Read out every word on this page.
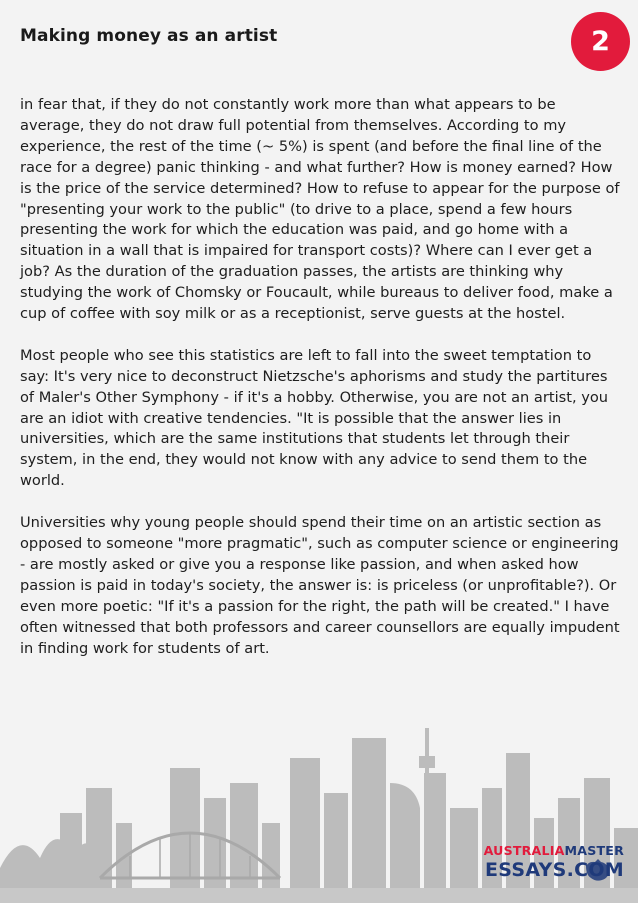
Making money as an artist	2

in fear that, if they do not constantly work more than what appears to be average, they do not draw full potential from themselves. According to my experience, the rest of the time (~ 5%) is spent (and before the final line of the race for a degree) panic thinking - and what further? How is money earned? How is the price of the service determined? How to refuse to appear for the purpose of "presenting your work to the public" (to drive to a place, spend a few hours presenting the work for which the education was paid, and go home with a situation in a wall that is impaired for transport costs)? Where can I ever get a job? As the duration of the graduation passes, the artists are thinking why studying the work of Chomsky or Foucault, while bureaus to deliver food, make a cup of coffee with soy milk or as a receptionist, serve guests at the hostel.

Most people who see this statistics are left to fall into the sweet temptation to say: It's very nice to deconstruct Nietzsche's aphorisms and study the partitures of Maler's Other Symphony - if it's a hobby. Otherwise, you are not an artist, you are an idiot with creative tendencies. "It is possible that the answer lies in universities, which are the same institutions that students let through their system, in the end, they would not know with any advice to send them to the world.

Universities why young people should spend their time on an artistic section as opposed to someone "more pragmatic", such as computer science or engineering - are mostly asked or give you a response like passion, and when asked how passion is paid in today's society, the answer is: is priceless (or unprofitable?). Or even more poetic: "If it's a passion for the right, the path will be created." I have often witnessed that both professors and career counsellors are equally impudent in finding work for students of art.

AUSTRALIAMASTER
ESSAYS.COM
